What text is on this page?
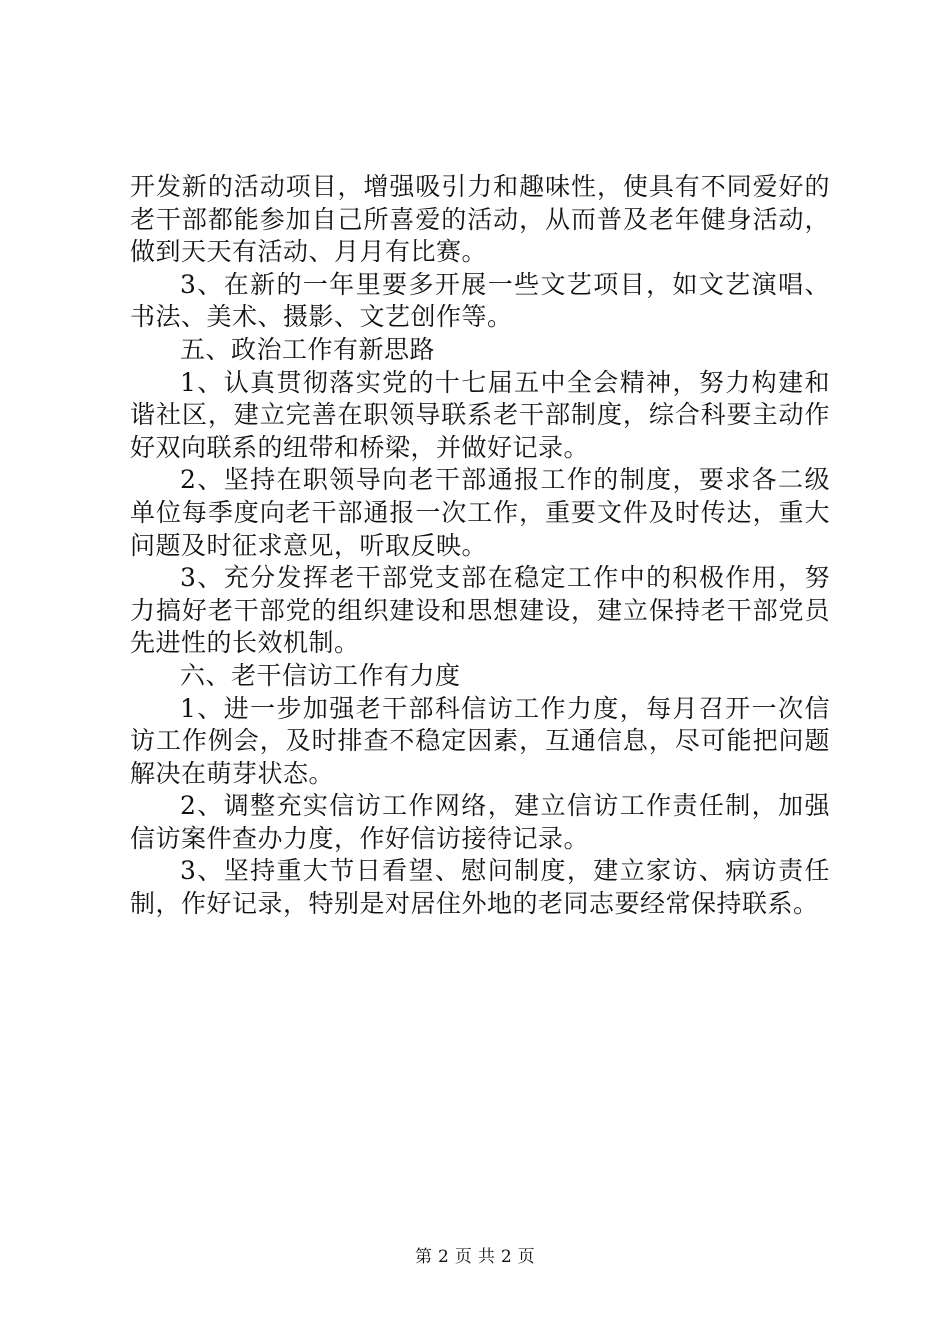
开发新的活动项目，增强吸引力和趣味性，使具有不同爱好的老干部都能参加自己所喜爱的活动，从而普及老年健身活动，做到天天有活动、月月有比赛。

3、在新的一年里要多开展一些文艺项目，如文艺演唱、书法、美术、摄影、文艺创作等。

五、政治工作有新思路

1、认真贯彻落实党的十七届五中全会精神，努力构建和谐社区，建立完善在职领导联系老干部制度，综合科要主动作好双向联系的纽带和桥梁，并做好记录。

2、坚持在职领导向老干部通报工作的制度，要求各二级单位每季度向老干部通报一次工作，重要文件及时传达，重大问题及时征求意见，听取反映。

3、充分发挥老干部党支部在稳定工作中的积极作用，努力搞好老干部党的组织建设和思想建设，建立保持老干部党员先进性的长效机制。

六、老干信访工作有力度

1、进一步加强老干部科信访工作力度，每月召开一次信访工作例会，及时排查不稳定因素，互通信息，尽可能把问题解决在萌芽状态。

2、调整充实信访工作网络，建立信访工作责任制，加强信访案件查办力度，作好信访接待记录。

3、坚持重大节日看望、慰问制度，建立家访、病访责任制，作好记录，特别是对居住外地的老同志要经常保持联系。

第 2 页 共 2 页
